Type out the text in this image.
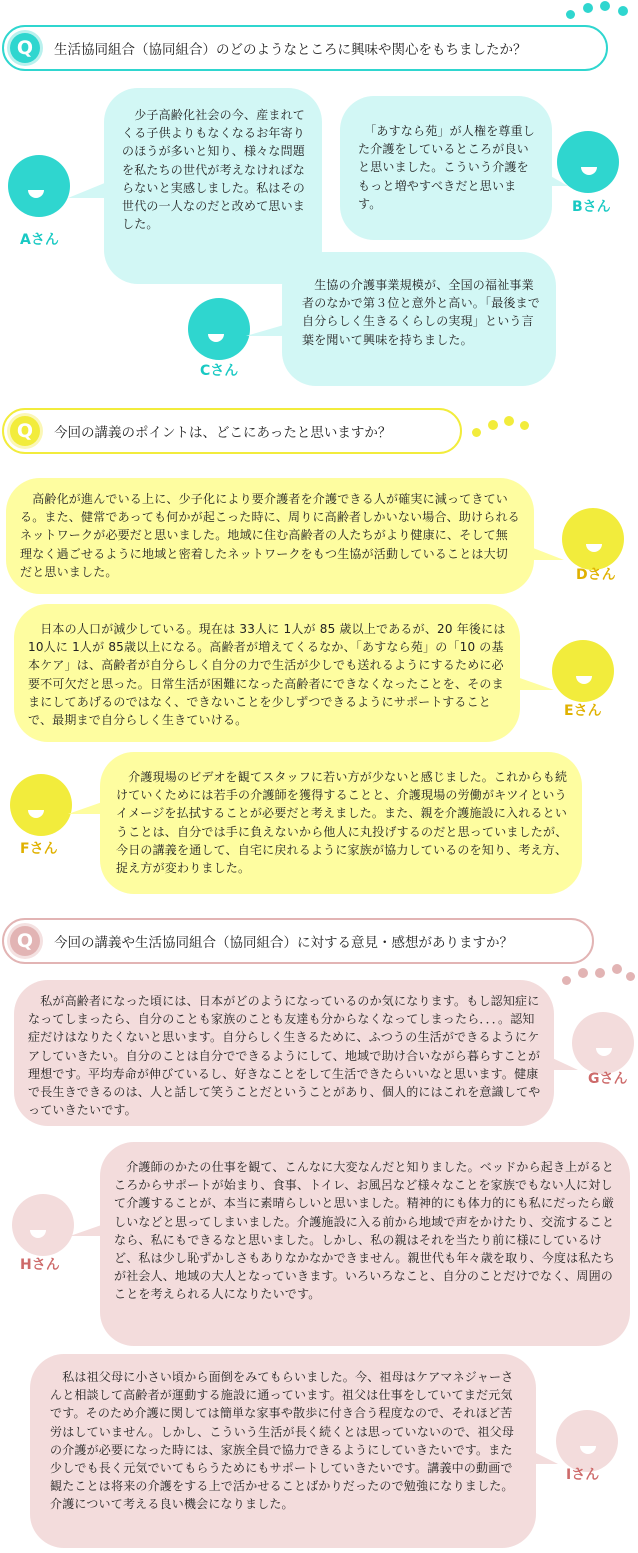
Q 生活協同組合（協同組合）のどのようなところに興味や関心をもちましたか？
Aさん
　少子高齢化社会の今、産まれてくる子供よりもなくなるお年寄りのほうが多いと知り、様々な問題を私たちの世代が考えなければならないと実感しました。私はその世代の一人なのだと改めて思いました。
　「あすなら苑」が人権を尊重した介護をしているところが良いと思いました。こういう介護をもっと増やすべきだと思います。	Bさん
Cさん
　生協の介護事業規模が、全国の福祉事業者のなかで第３位と意外と高い。「最後まで自分らしく生きるくらしの実現」という言葉を聞いて興味を持ちました。
Q 今回の講義のポイントは、どこにあったと思いますか？
　高齢化が進んでいる上に、少子化により要介護者を介護できる人が確実に減ってきている。また、健常であっても何かが起こった時に、周りに高齢者しかいない場合、助けられるネットワークが必要だと思いました。地域に住む高齢者の人たちがより健康に、そして無理なく過ごせるように地域と密着したネットワークをもつ生協が活動していることは大切だと思いました。	Dさん
　日本の人口が減少している。現在は 33人に 1人が 85 歳以上であるが、20 年後には 10人に 1人が 85歳以上になる。高齢者が増えてくるなか、「あすなら苑」の「10 の基本ケア」は、高齢者が自分らしく自分の力で生活が少しでも送れるようにするために必要不可欠だと思った。日常生活が困難になった高齢者にできなくなったことを、そのままにしてあげるのではなく、できないことを少しずつできるようにサポートすることで、最期まで自分らしく生きていける。
Eさん
Fさん
　介護現場のビデオを観てスタッフに若い方が少ないと感じました。これからも続けていくためには若手の介護師を獲得することと、介護現場の労働がキツイというイメージを払拭することが必要だと考えました。また、親を介護施設に入れるということは、自分では手に負えないから他人に丸投げするのだと思っていましたが、今日の講義を通して、自宅に戻れるように家族が協力しているのを知り、考え方、捉え方が変わりました。
Q 今回の講義や生活協同組合（協同組合）に対する意見・感想がありますか？
　私が高齢者になった頃には、日本がどのようになっているのか気になります。もし認知症になってしまったら、自分のことも家族のことも友達も分からなくなってしまったら．．．。認知症だけはなりたくないと思います。自分らしく生きるために、ふつうの生活ができるようにケアしていきたい。自分のことは自分でできるようにして、地域で助け合いながら暮らすことが理想です。平均寿命が伸びているし、好きなことをして生活できたらいいなと思います。健康で長生きできるのは、人と話して笑うことだということがあり、個人的にはこれを意識してやっていきたいです。
Gさん
Hさん
　介護師のかたの仕事を観て、こんなに大変なんだと知りました。ベッドから起き上がるところからサポートが始まり、食事、トイレ、お風呂など様々なことを家族でもない人に対して介護することが、本当に素晴らしいと思いました。精神的にも体力的にも私にだったら厳しいなどと思ってしまいました。介護施設に入る前から地域で声をかけたり、交流することなら、私にもできるなと思いました。しかし、私の親はそれを当たり前に様にしているけど、私は少し恥ずかしさもありなかなかできません。親世代も年々歳を取り、今度は私たちが社会人、地域の大人となっていきます。いろいろなこと、自分のことだけでなく、周囲のことを考えられる人になりたいです。
　私は祖父母に小さい頃から面倒をみてもらいました。今、祖母はケアマネジャーさんと相談して高齢者が運動する施設に通っています。祖父は仕事をしていてまだ元気です。そのため介護に関しては簡単な家事や散歩に付き合う程度なので、それほど苦労はしていません。しかし、こういう生活が長く続くとは思っていないので、祖父母の介護が必要になった時には、家族全員で協力できるようにしていきたいです。また少しでも長く元気でいてもらうためにもサポートしていきたいです。講義中の動画で観たことは将来の介護をする上で活かせることばかりだったので勉強になりました。介護について考える良い機会になりました。
Iさん
